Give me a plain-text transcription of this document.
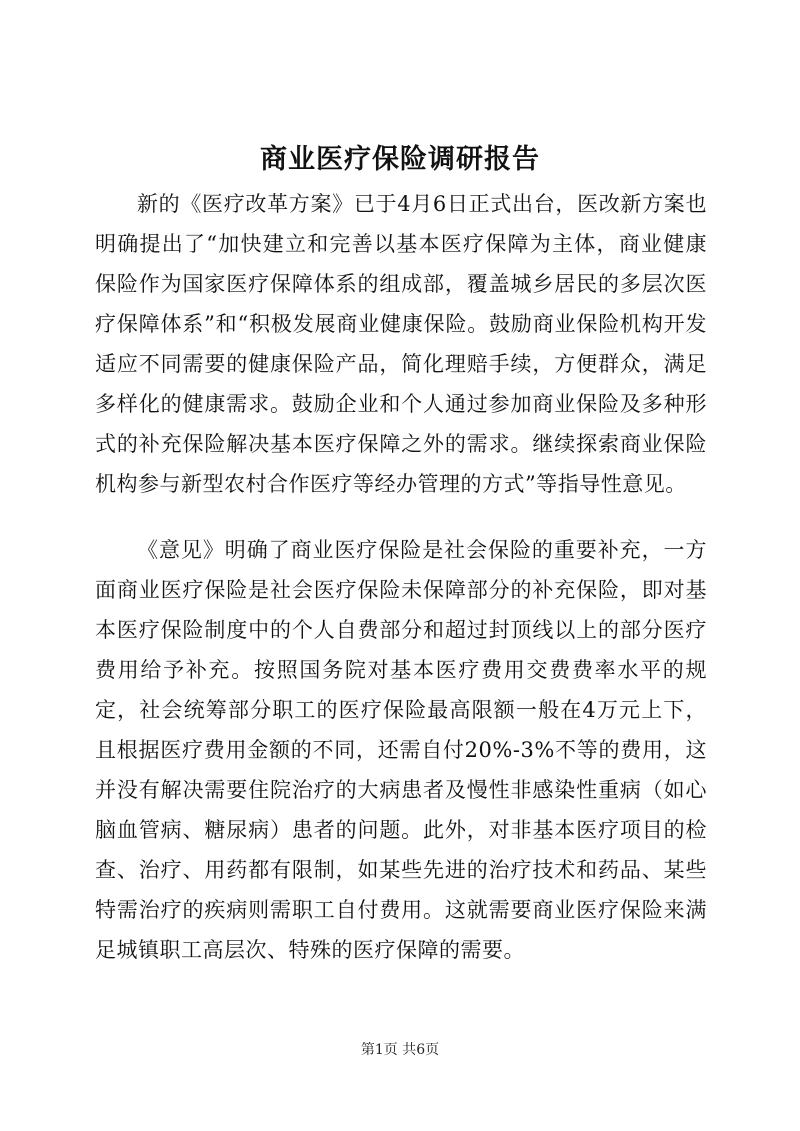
商业医疗保险调研报告

新的《医疗改革方案》已于4月6日正式出台，医改新方案也明确提出了“加快建立和完善以基本医疗保障为主体，商业健康保险作为国家医疗保障体系的组成部，覆盖城乡居民的多层次医疗保障体系”和“积极发展商业健康保险。鼓励商业保险机构开发适应不同需要的健康保险产品，简化理赔手续，方便群众，满足多样化的健康需求。鼓励企业和个人通过参加商业保险及多种形式的补充保险解决基本医疗保障之外的需求。继续探索商业保险机构参与新型农村合作医疗等经办管理的方式”等指导性意见。

《意见》明确了商业医疗保险是社会保险的重要补充，一方面商业医疗保险是社会医疗保险未保障部分的补充保险，即对基本医疗保险制度中的个人自费部分和超过封顶线以上的部分医疗费用给予补充。按照国务院对基本医疗费用交费费率水平的规定，社会统筹部分职工的医疗保险最高限额一般在4万元上下，且根据医疗费用金额的不同，还需自付20%-3%不等的费用，这并没有解决需要住院治疗的大病患者及慢性非感染性重病（如心脑血管病、糖尿病）患者的问题。此外，对非基本医疗项目的检查、治疗、用药都有限制，如某些先进的治疗技术和药品、某些特需治疗的疾病则需职工自付费用。这就需要商业医疗保险来满足城镇职工高层次、特殊的医疗保障的需要。

第1页 共6页
